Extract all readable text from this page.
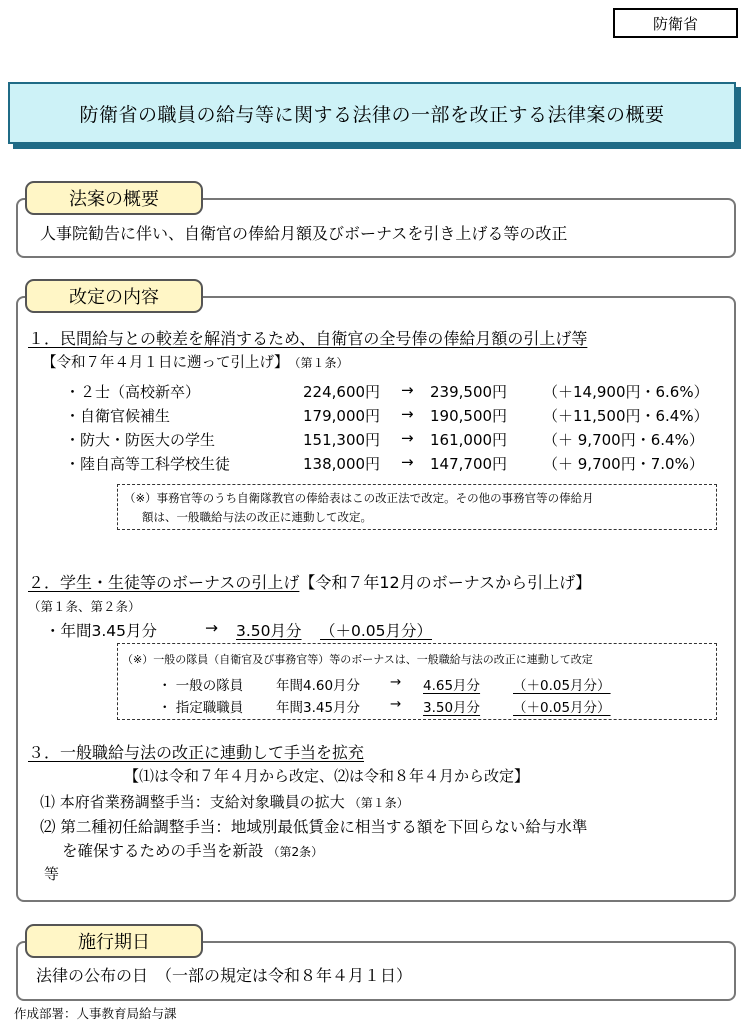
防衛省
防衛省の職員の給与等に関する法律の一部を改正する法律案の概要
法案の概要
人事院勧告に伴い、自衛官の俸給月額及びボーナスを引き上げる等の改正
改定の内容
１．民間給与との較差を解消するため、自衛官の全号俸の俸給月額の引上げ等
【令和７年４月１日に遡って引上げ】 （第１条）
・２士（高校新卒）	224,600円 → 239,500円 （＋14,900円・6.6%）
・自衛官候補生	179,000円 → 190,500円 （＋11,500円・6.4%）
・防大・防医大の学生	151,300円 → 161,000円 （＋ 9,700円・6.4%）
・陸自高等工科学校生徒	138,000円 → 147,700円 （＋ 9,700円・7.0%）
（※）事務官等のうち自衛隊教官の俸給表はこの改正法で改定。その他の事務官等の俸給月
額は、一般職給与法の改正に連動して改定。
２．学生・生徒等のボーナスの引上げ【令和７年12月のボーナスから引上げ】
（第１条、第２条）
・年間3.45月分	→ 3.50月分 （＋0.05月分）
（※）一般の隊員（自衛官及び事務官等）等のボーナスは、一般職給与法の改正に連動して改定
・ 一般の隊員 年間4.60月分 → 4.65月分 （＋0.05月分）
・ 指定職職員 年間3.45月分 → 3.50月分 （＋0.05月分）
３．一般職給与法の改正に連動して手当を拡充
【⑴は令和７年４月から改定、⑵は令和８年４月から改定】
⑴ 本府省業務調整手当：支給対象職員の拡大 （第１条）
⑵ 第二種初任給調整手当：地域別最低賃金に相当する額を下回らない給与水準
を確保するための手当を新設 （第2条）
等
施行期日
法律の公布の日　（一部の規定は令和８年４月１日）
作成部署：人事教育局給与課
